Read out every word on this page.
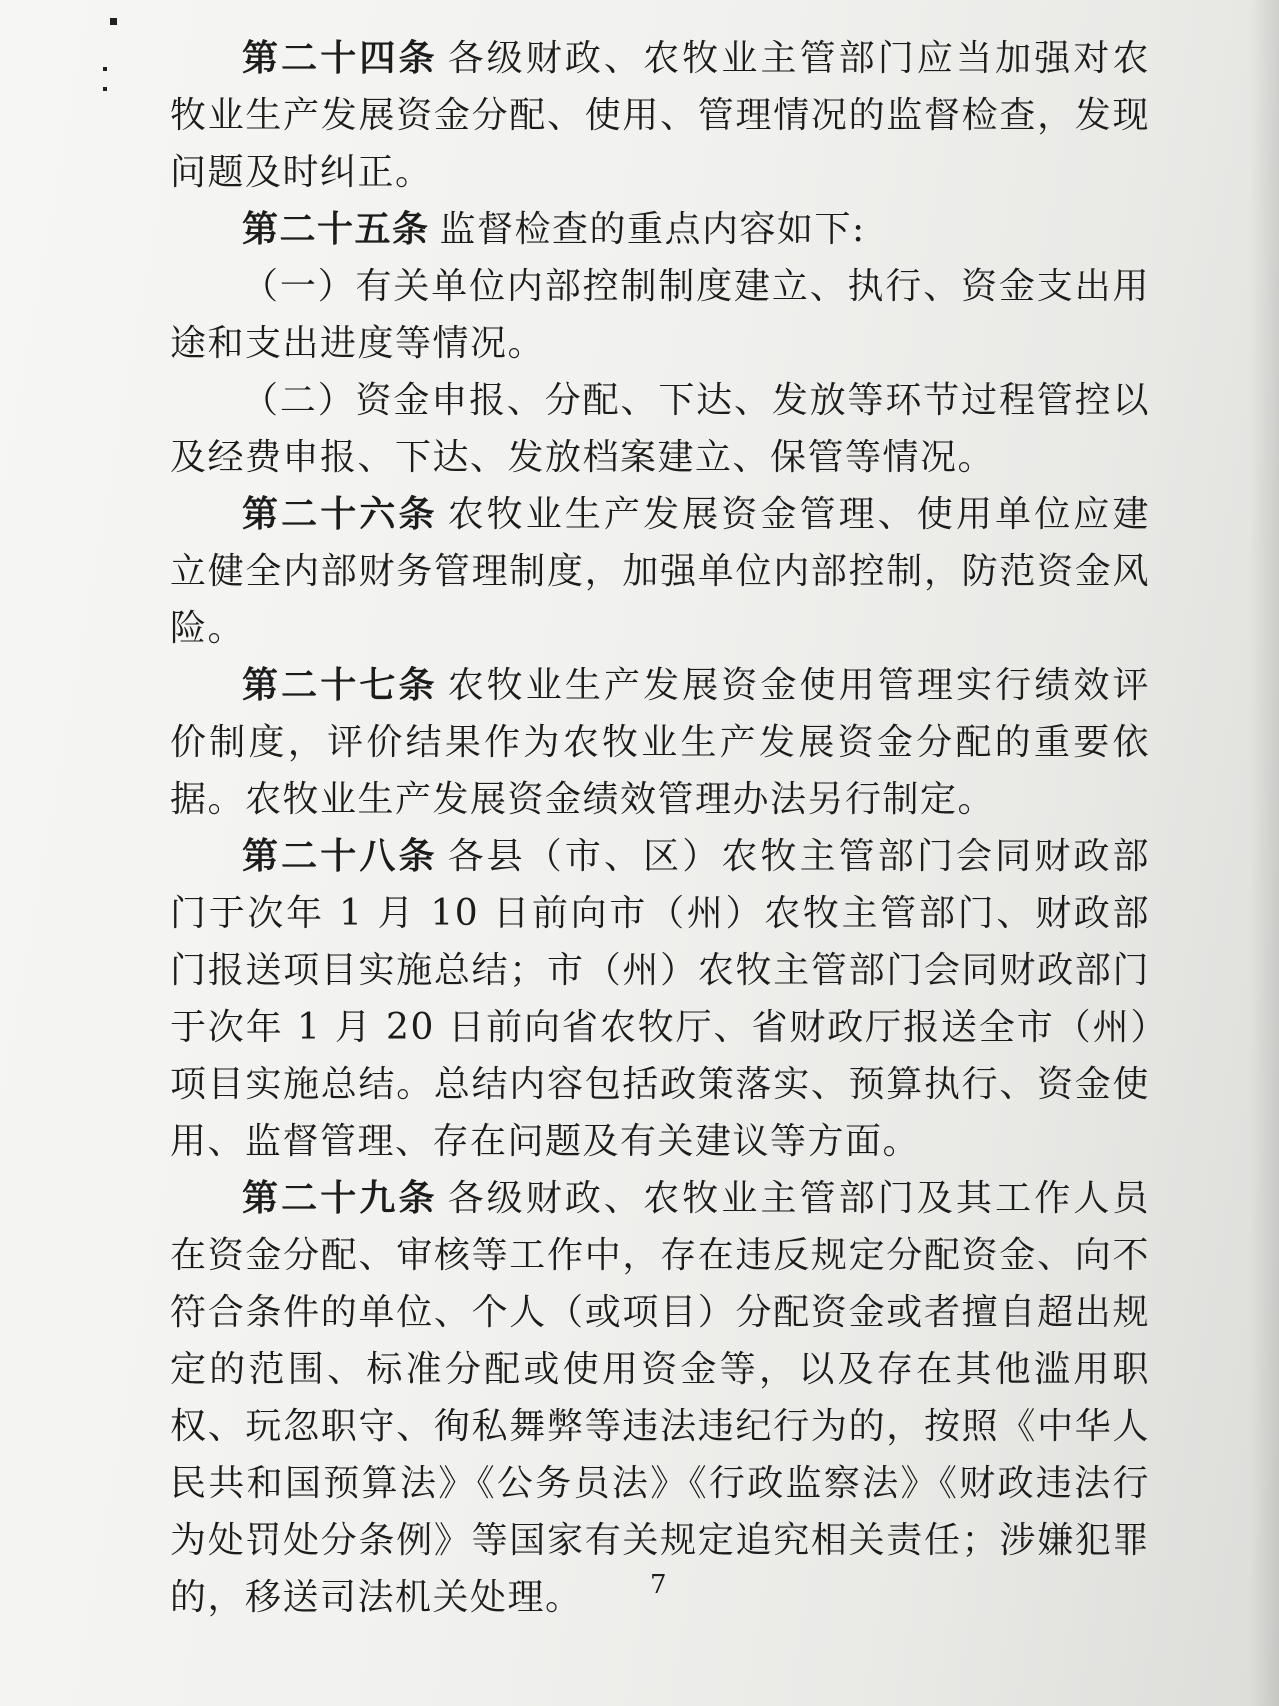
第二十四条 各级财政、农牧业主管部门应当加强对农牧业生产发展资金分配、使用、管理情况的监督检查，发现问题及时纠正。

第二十五条 监督检查的重点内容如下:

（一）有关单位内部控制制度建立、执行、资金支出用途和支出进度等情况。

（二）资金申报、分配、下达、发放等环节过程管控以及经费申报、下达、发放档案建立、保管等情况。

第二十六条 农牧业生产发展资金管理、使用单位应建立健全内部财务管理制度，加强单位内部控制，防范资金风险。

第二十七条 农牧业生产发展资金使用管理实行绩效评价制度，评价结果作为农牧业生产发展资金分配的重要依据。农牧业生产发展资金绩效管理办法另行制定。

第二十八条 各县（市、区）农牧主管部门会同财政部门于次年 1 月 10 日前向市（州）农牧主管部门、财政部门报送项目实施总结；市（州）农牧主管部门会同财政部门于次年 1 月 20 日前向省农牧厅、省财政厅报送全市（州）项目实施总结。总结内容包括政策落实、预算执行、资金使用、监督管理、存在问题及有关建议等方面。

第二十九条 各级财政、农牧业主管部门及其工作人员在资金分配、审核等工作中，存在违反规定分配资金、向不符合条件的单位、个人（或项目）分配资金或者擅自超出规定的范围、标准分配或使用资金等，以及存在其他滥用职权、玩忽职守、徇私舞弊等违法违纪行为的，按照《中华人民共和国预算法》《公务员法》《行政监察法》《财政违法行为处罚处分条例》等国家有关规定追究相关责任；涉嫌犯罪的，移送司法机关处理。	7
